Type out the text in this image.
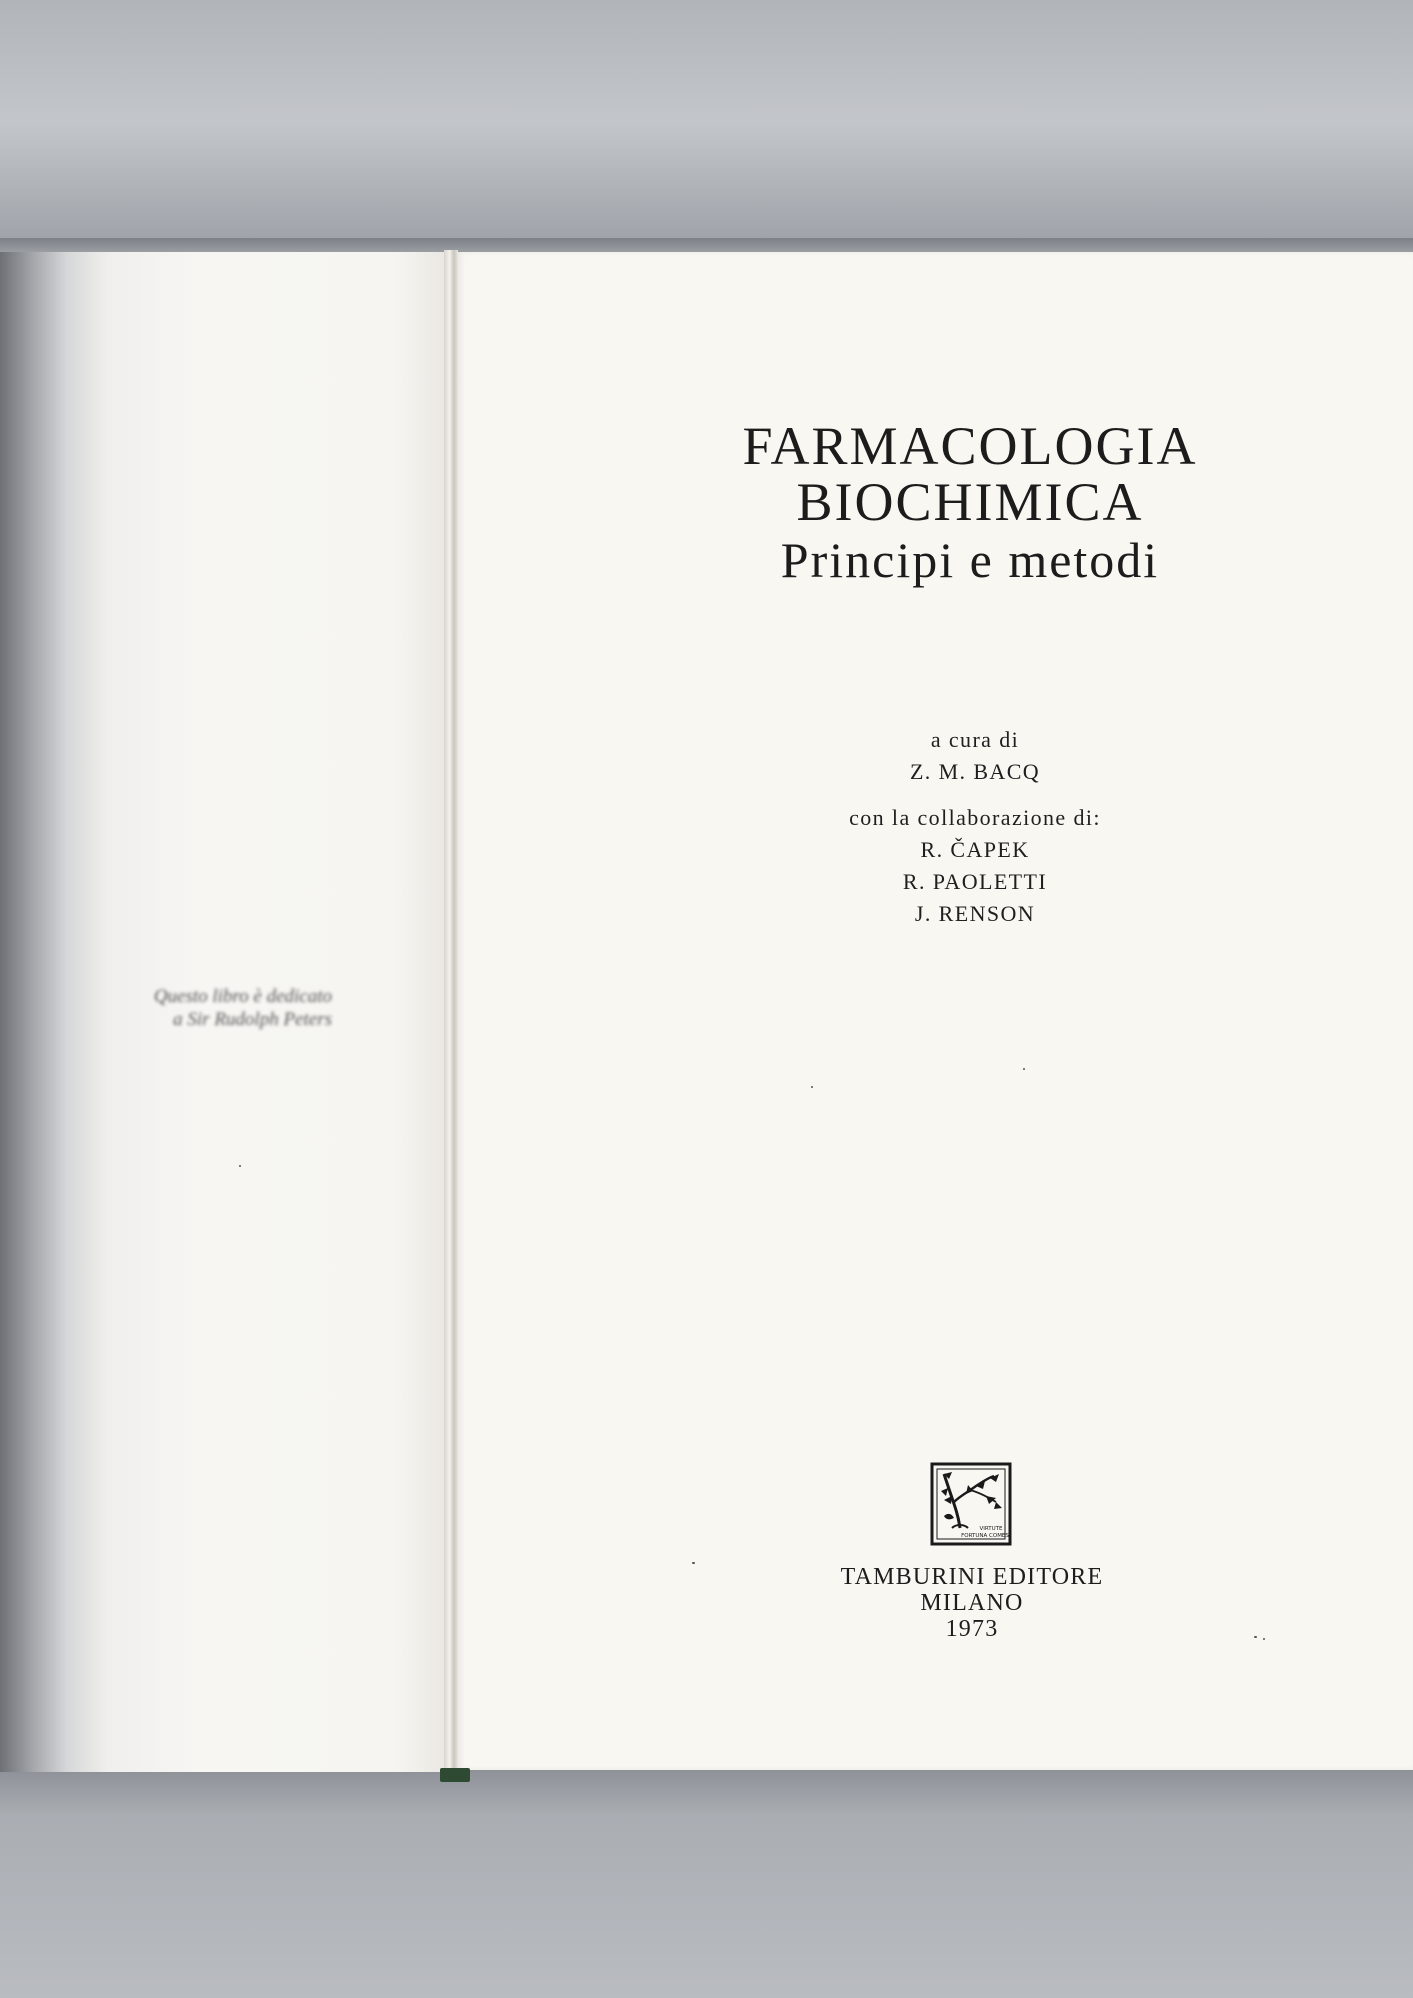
Questo libro è dedicato
a Sir Rudolph Peters

FARMACOLOGIA

BIOCHIMICA

Principi e metodi

a cura di
Z. M. BACQ
con la collaborazione di:
R. ČAPEK
R. PAOLETTI
J. RENSON
VIRTUTE
FORTUNA COMES
TAMBURINI EDITORE
MILANO
1973
